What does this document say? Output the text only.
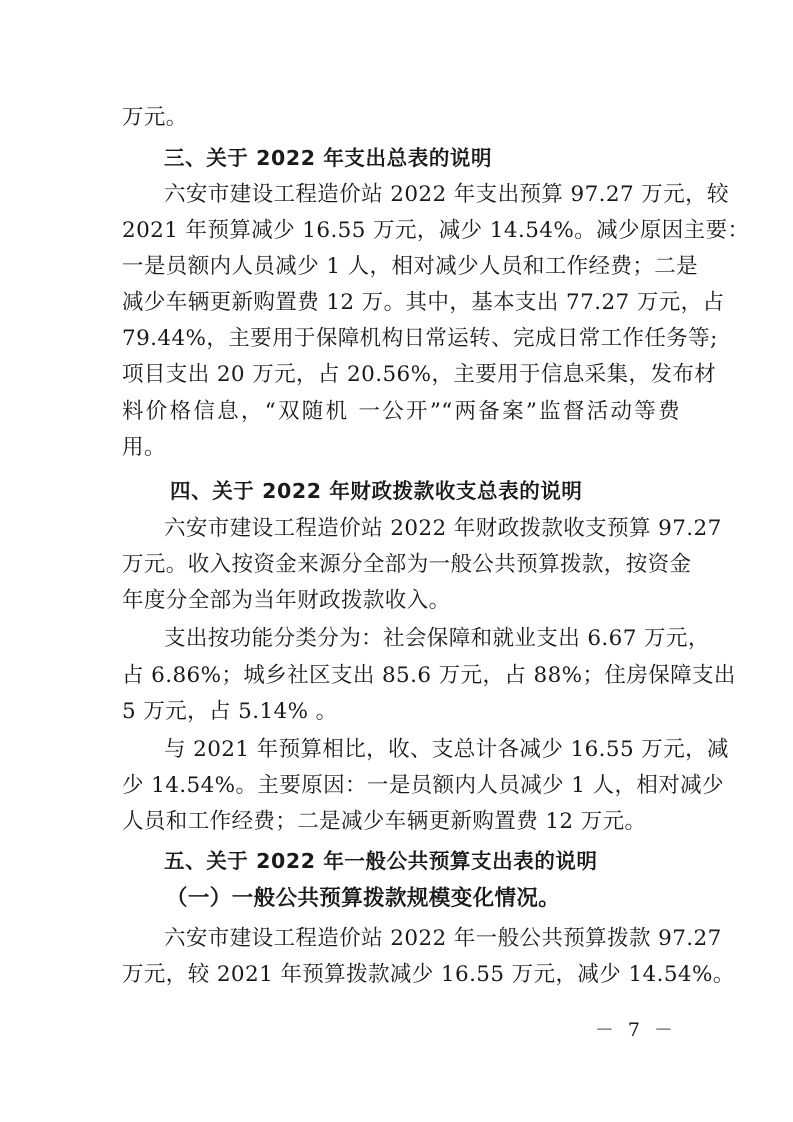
万元。
三、关于 2022 年支出总表的说明
六安市建设工程造价站 2022 年支出预算 97.27 万元，较
2021 年预算减少 16.55 万元，减少 14.54%。减少原因主要：
一是员额内人员减少 1 人，相对减少人员和工作经费；二是
减少车辆更新购置费 12 万。其中，基本支出 77.27 万元，占
79.44%，主要用于保障机构日常运转、完成日常工作任务等;
项目支出 20 万元，占 20.56%，主要用于信息采集，发布材
料价格信息，“双随机 一公开”“两备案”监督活动等费
用。
四、关于 2022 年财政拨款收支总表的说明
六安市建设工程造价站 2022 年财政拨款收支预算 97.27
万元。收入按资金来源分全部为一般公共预算拨款，按资金
年度分全部为当年财政拨款收入。
支出按功能分类分为：社会保障和就业支出 6.67 万元，
占 6.86%；城乡社区支出 85.6 万元，占 88%；住房保障支出
5 万元，占 5.14% 。
与 2021 年预算相比，收、支总计各减少 16.55 万元，减
少 14.54%。主要原因：一是员额内人员减少 1 人，相对减少
人员和工作经费；二是减少车辆更新购置费 12 万元。
五、关于 2022 年一般公共预算支出表的说明
（一）一般公共预算拨款规模变化情况。
六安市建设工程造价站 2022 年一般公共预算拨款 97.27
万元，较 2021 年预算拨款减少 16.55 万元，减少 14.54%。
－ 7 －
